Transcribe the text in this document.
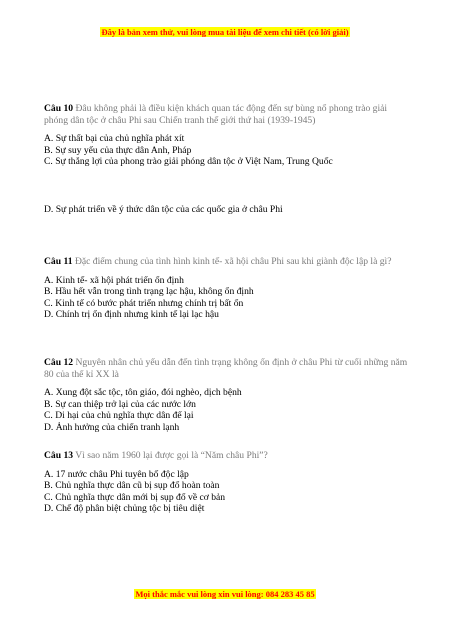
Đây là bản xem thử, vui lòng mua tài liệu để xem chi tiết (có lời giải)

Câu 10 Đâu không phải là điều kiện khách quan tác động đến sự bùng nổ phong trào giải phóng dân tộc ở châu Phi sau Chiến tranh thế giới thứ hai (1939-1945)

A. Sự thất bại của chủ nghĩa phát xít
B. Sự suy yếu của thực dân Anh, Pháp
C. Sự thắng lợi của phong trào giải phóng dân tộc ở Việt Nam, Trung Quốc
D. Sự phát triển về ý thức dân tộc của các quốc gia ở châu Phi

Câu 11 Đặc điểm chung của tình hình kinh tế- xã hội châu Phi sau khi giành độc lập là gì?

A. Kinh tế- xã hội phát triển ổn định
B. Hầu hết vẫn trong tình trạng lạc hậu, không ổn định
C. Kinh tế có bước phát triển nhưng chính trị bất ổn
D. Chính trị ổn định nhưng kinh tế lại lạc hậu

Câu 12 Nguyên nhân chủ yếu dẫn đến tình trạng không ổn định ở châu Phi từ cuối những năm 80 của thế kỉ XX là

A. Xung đột sắc tộc, tôn giáo, đói nghèo, dịch bệnh
B. Sự can thiệp trở lại của các nước lớn
C. Di hại của chủ nghĩa thực dân để lại
D. Ảnh hưởng của chiến tranh lạnh

Câu 13 Vì sao năm 1960 lại được gọi là “Năm châu Phi”?

A. 17 nước châu Phi tuyên bố độc lập
B. Chủ nghĩa thực dân cũ bị sụp đổ hoàn toàn
C. Chủ nghĩa thực dân mới bị sụp đổ về cơ bản
D. Chế độ phân biệt chủng tộc bị tiêu diệt
Mọi thắc mắc vui lòng xin vui lòng: 084 283 45 85
